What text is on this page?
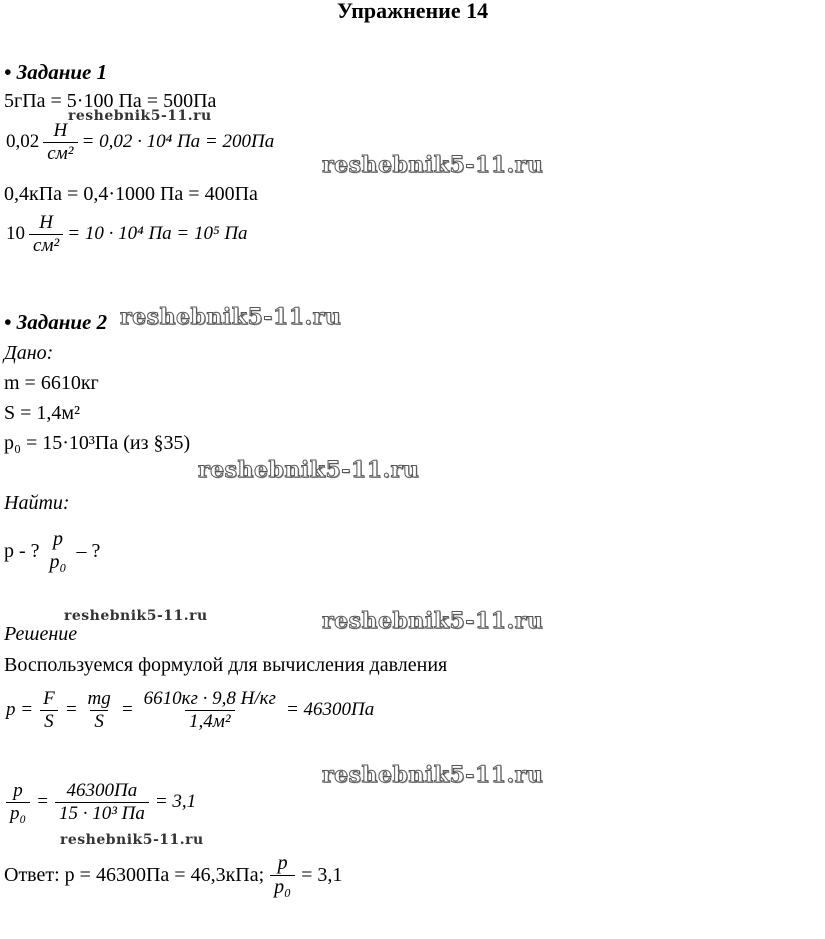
Упражнение 14
• Задание 1
5гПа = 5·100 Па = 500Па
reshebnik5-11.ru
$0,02 \frac{Н}{\text{см²}} = 0,02 \cdot 10^4$ Па = 200Па
reshebnik5-11.ru
0,4кПа = 0,4·1000 Па = 400Па
$10 \frac{Н}{\text{см²}} = 10 \cdot 10^4$ Па = 10⁵ Па
• Задание 2 reshebnik5-11.ru
Дано:
m = 6610кг
S = 1,4м²
p₀ = 15·10³Па (из §35)
reshebnik5-11.ru
Найти:
p - ?
p
p₀
– ?
reshebnik5-11.ru	reshebnik5-11.ru
Решение
Воспользуемся формулой для вычисления давления
$p = \frac{F}{S} = \frac{mg}{S} = \frac{6610кг \cdot 9,8 Н/кг}{\text{1,4м²}} = 46300Па$
reshebnik5-11.ru
$\frac{p}{\text{p₀}} = \frac{46300Па}{\text{15 · 10³ Па}} = 3,1$
reshebnik5-11.ru
Ответ: p = 46300Па = 46,3кПа; $\frac{p}{\text{p₀}} = 3,1$
